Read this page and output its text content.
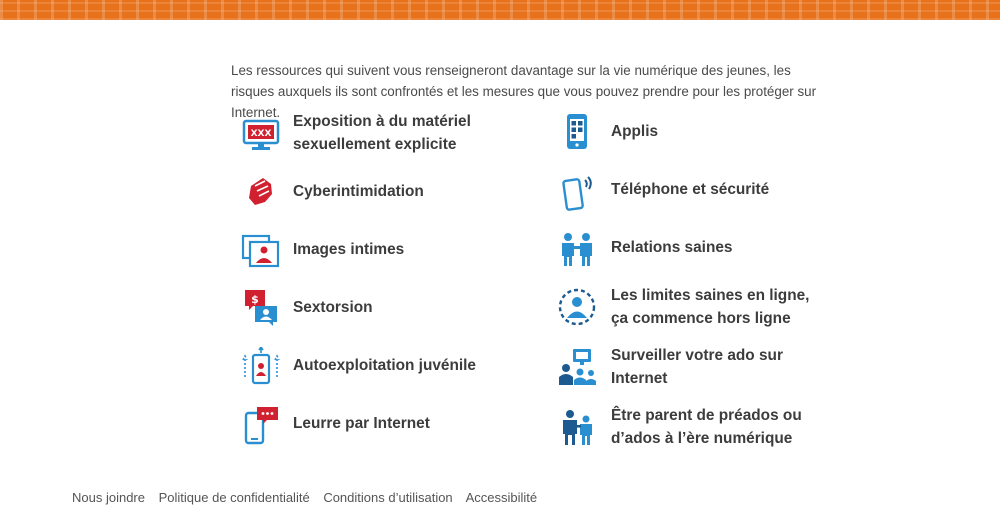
Les ressources qui suivent vous renseigneront davantage sur la vie numérique des jeunes, les risques auxquels ils sont confrontés et les mesures que vous pouvez prendre pour les protéger sur Internet.

XXX
Exposition à du matériel
sexuellement explicite
Cyberintimidation
Images intimes
$ Sextorsion
Autoexploitation juvénile
Leurre par Internet
Applis
Téléphone et sécurité
Relations saines
Les limites saines en ligne,
ça commence hors ligne
Surveiller votre ado sur
Internet
Être parent de préados ou
d’ados à l’ère numérique
Nous joindre Politique de confidentialité Conditions d’utilisation Accessibilité
